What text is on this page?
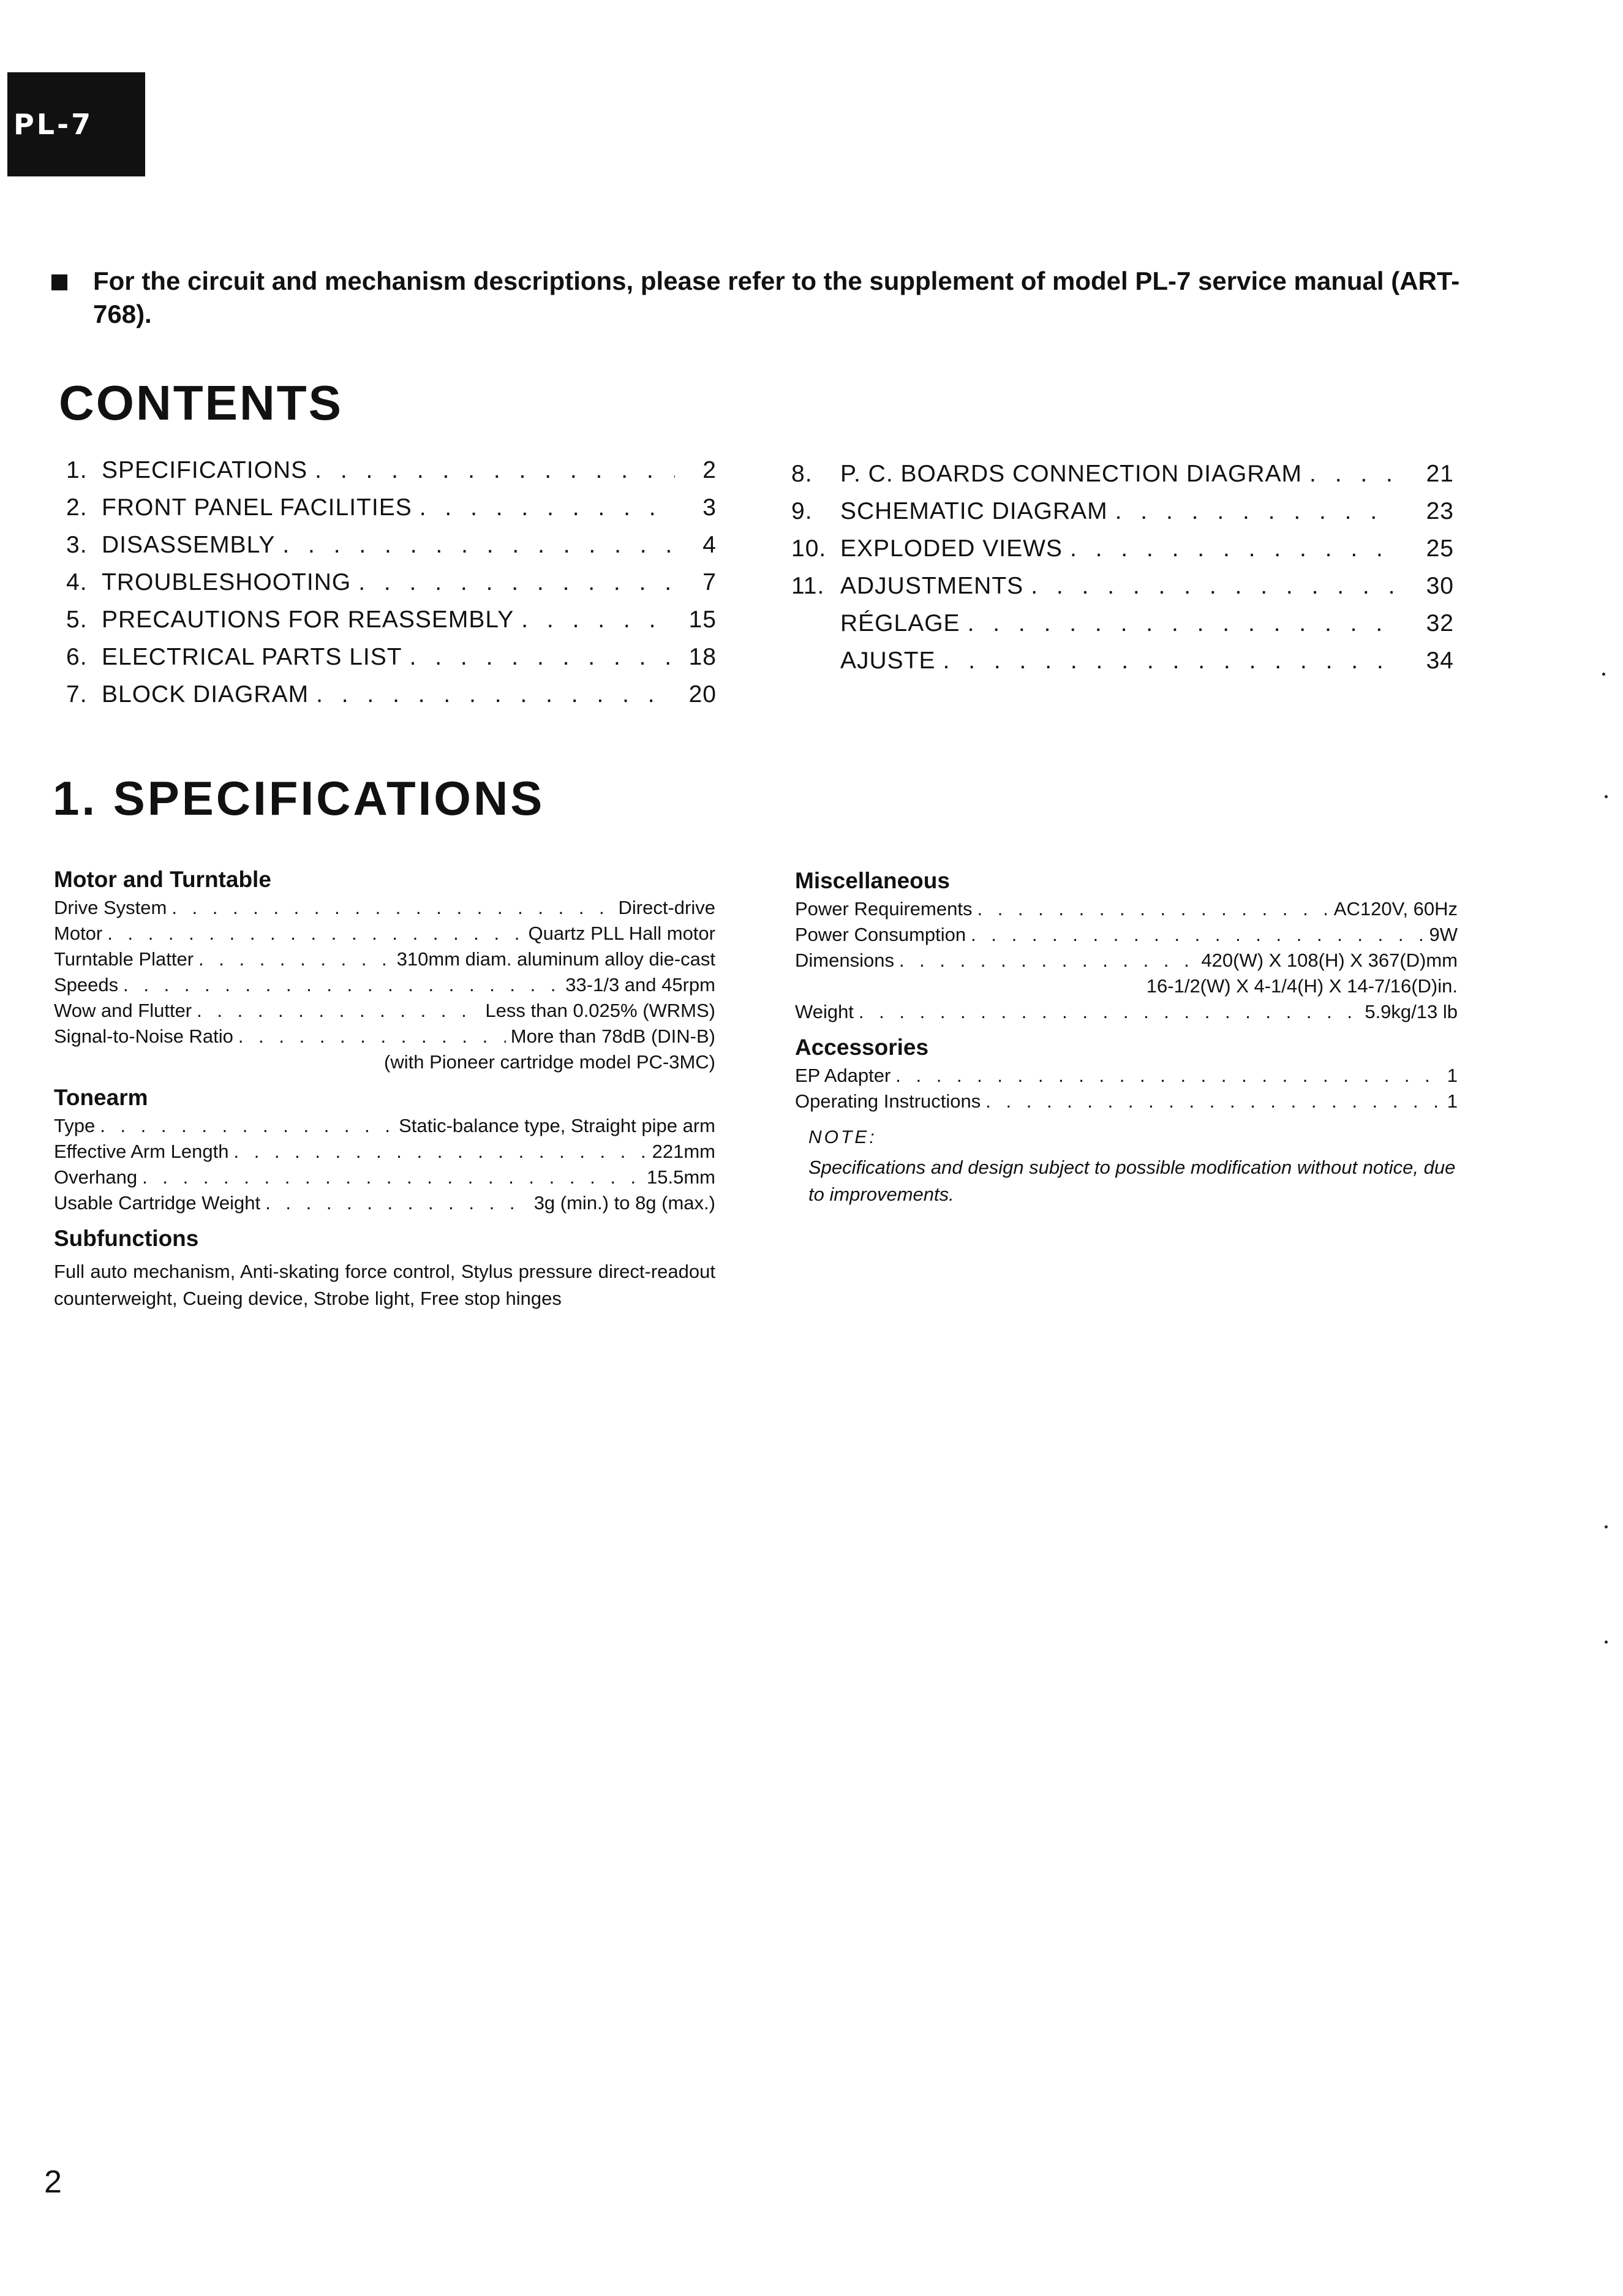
PL-7
For the circuit and mechanism descriptions, please refer to the supplement of model PL-7 service manual (ART-768).
CONTENTS
1. SPECIFICATIONS . . .	2
2. FRONT PANEL FACILITIES . . .	3
3. DISASSEMBLY . . .	4
4. TROUBLESHOOTING . . .	7
5. PRECAUTIONS FOR REASSEMBLY . . .	15
6. ELECTRICAL PARTS LIST . . .	18
7. BLOCK DIAGRAM . . .	20
8.	P. C. BOARDS CONNECTION DIAGRAM . . .	21
9.	SCHEMATIC DIAGRAM . . .	23
10. EXPLODED VIEWS . . .	25
11. ADJUSTMENTS . . .	30
RÉGLAGE . . .	32
AJUSTE . . .	34
1. SPECIFICATIONS
Motor and Turntable
Drive System . . .	Direct-drive
Motor . . .	Quartz PLL Hall motor
Turntable Platter . . .	310mm diam. aluminum alloy die-cast
Speeds . . .	33-1/3 and 45rpm
Wow and Flutter . . .	Less than 0.025% (WRMS)
Signal-to-Noise Ratio . . .	More than 78dB (DIN-B)
(with Pioneer cartridge model PC-3MC)
Tonearm
Type . . .	Static-balance type, Straight pipe arm
Effective Arm Length . . .	221mm
Overhang . . .	15.5mm
Usable Cartridge Weight . . .	3g (min.) to 8g (max.)
Subfunctions
Full auto mechanism, Anti-skating force control, Stylus pressure direct-readout counterweight, Cueing device, Strobe light, Free stop hinges
Miscellaneous
Power Requirements . . .	AC120V, 60Hz
Power Consumption . . .	9W
Dimensions . . .	420(W) X 108(H) X 367(D)mm
16-1/2(W) X 4-1/4(H) X 14-7/16(D)in.
Weight . . .	5.9kg/13 lb
Accessories
EP Adapter . . .	1
Operating Instructions . . .	1
NOTE:
Specifications and design subject to possible modification without notice, due to improvements.
2
